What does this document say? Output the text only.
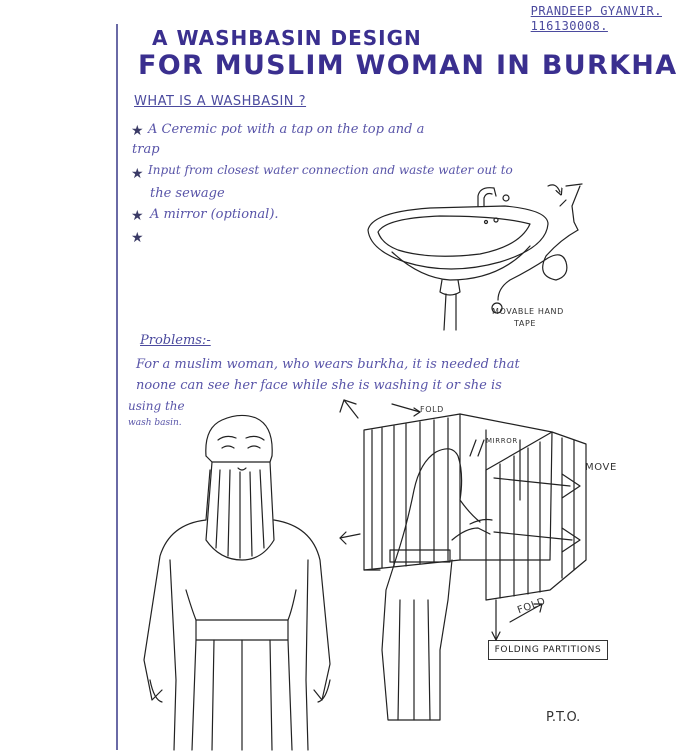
PRANDEEP GYANVIR.
116130008.
A WASHBASIN DESIGN
FOR MUSLIM WOMAN IN BURKHA
WHAT IS A WASHBASIN ?
★ A Ceremic pot with a tap on the top and a
trap
★ Input from closest water connection and waste water out to
the sewage
★ A mirror (optional).
★
MOVABLE HAND
TAPE
Problems:-
For a muslim woman, who wears burkha, it is needed that
noone can see her face while she is washing it or she is
using the
wash basin.
FOLD
MIRROR
MOVE
FOLD
FOLDING PARTITIONS
P.T.O.
